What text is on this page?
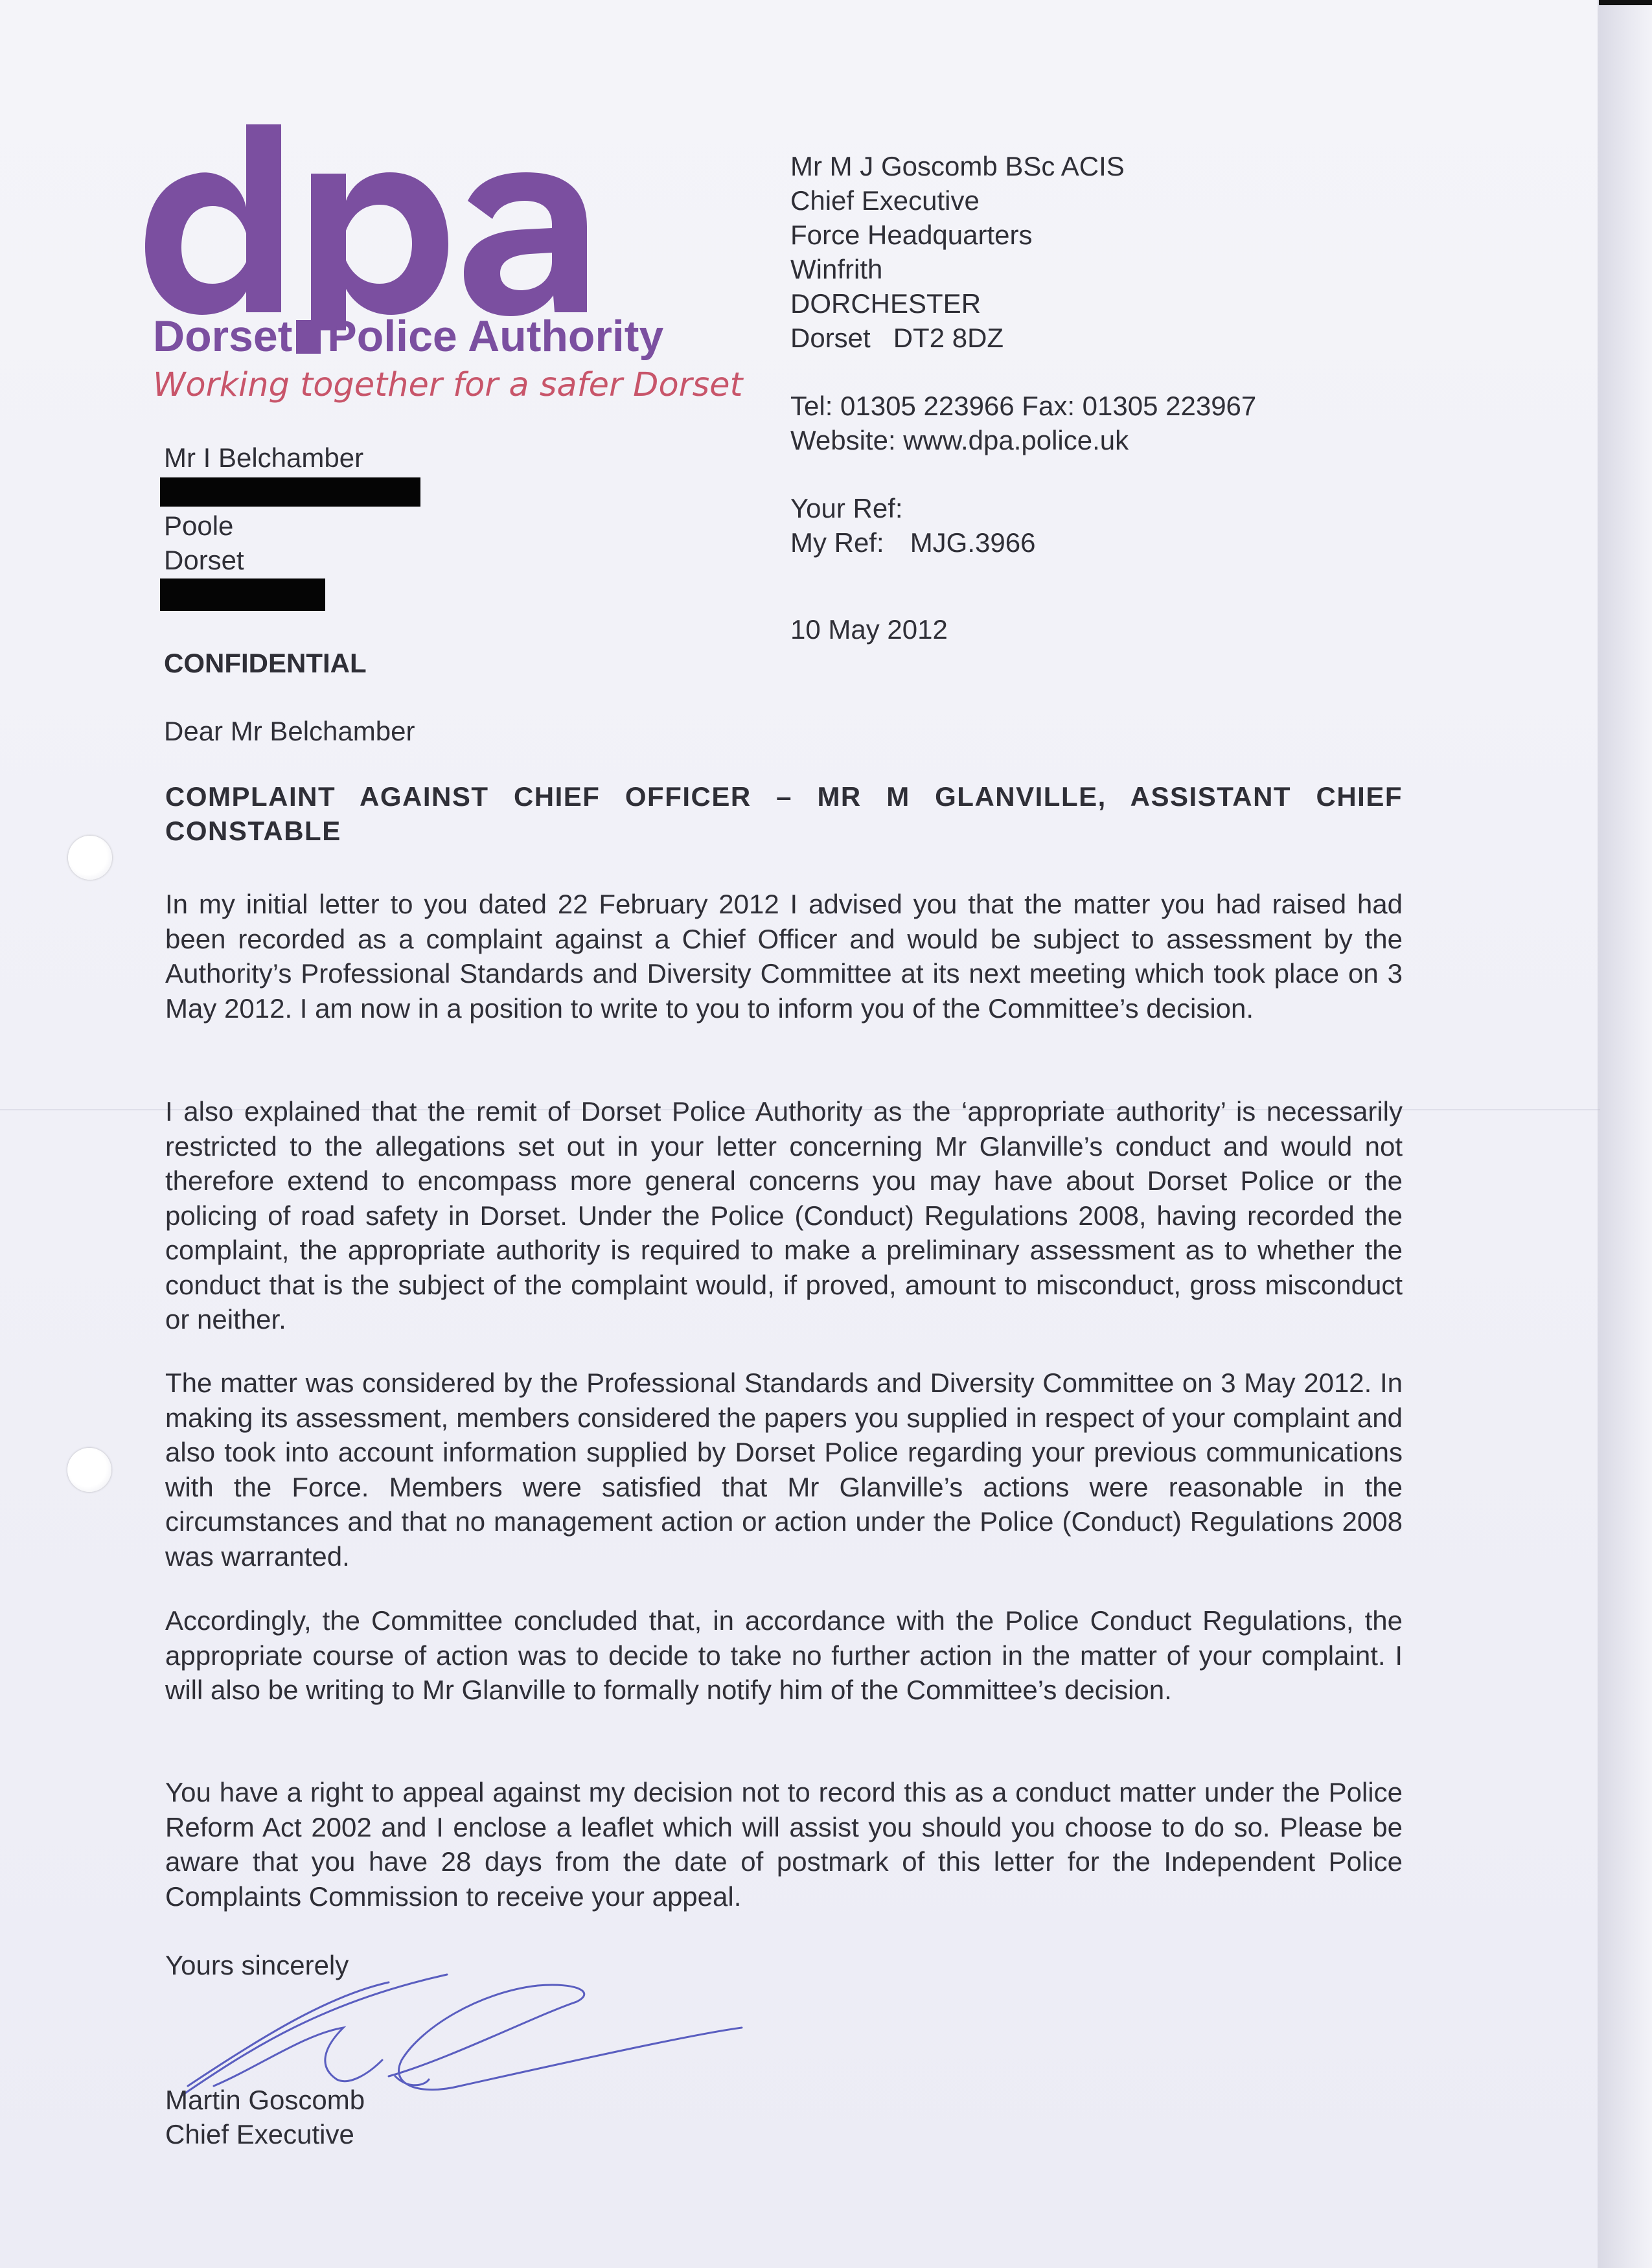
Dorset Police Authority
Working together for a safer Dorset
Mr M J Goscomb BSc ACIS
Chief Executive
Force Headquarters
Winfrith
DORCHESTER
Dorset   DT2 8DZ
Tel: 01305 223966 Fax: 01305 223967
Website: www.dpa.police.uk
Your Ref:
My Ref: MJG.3966
10 May 2012
Mr I Belchamber
Poole
Dorset
CONFIDENTIAL
Dear Mr Belchamber
COMPLAINT AGAINST CHIEF OFFICER – MR M GLANVILLE, ASSISTANT CHIEF CONSTABLE
In my initial letter to you dated 22 February 2012 I advised you that the matter you had raised had been recorded as a complaint against a Chief Officer and would be subject to assessment by the Authority’s Professional Standards and Diversity Committee at its next meeting which took place on 3 May 2012. I am now in a position to write to you to inform you of the Committee’s decision.
I also explained that the remit of Dorset Police Authority as the ‘appropriate authority’ is necessarily restricted to the allegations set out in your letter concerning Mr Glanville’s conduct and would not therefore extend to encompass more general concerns you may have about Dorset Police or the policing of road safety in Dorset. Under the Police (Conduct) Regulations 2008, having recorded the complaint, the appropriate authority is required to make a preliminary assessment as to whether the conduct that is the subject of the complaint would, if proved, amount to misconduct, gross misconduct or neither.
The matter was considered by the Professional Standards and Diversity Committee on 3 May 2012. In making its assessment, members considered the papers you supplied in respect of your complaint and also took into account information supplied by Dorset Police regarding your previous communications with the Force. Members were satisfied that Mr Glanville’s actions were reasonable in the circumstances and that no management action or action under the Police (Conduct) Regulations 2008 was warranted.
Accordingly, the Committee concluded that, in accordance with the Police Conduct Regulations, the appropriate course of action was to decide to take no further action in the matter of your complaint. I will also be writing to Mr Glanville to formally notify him of the Committee’s decision.
You have a right to appeal against my decision not to record this as a conduct matter under the Police Reform Act 2002 and I enclose a leaflet which will assist you should you choose to do so. Please be aware that you have 28 days from the date of postmark of this letter for the Independent Police Complaints Commission to receive your appeal.
Yours sincerely
Martin Goscomb
Chief Executive
